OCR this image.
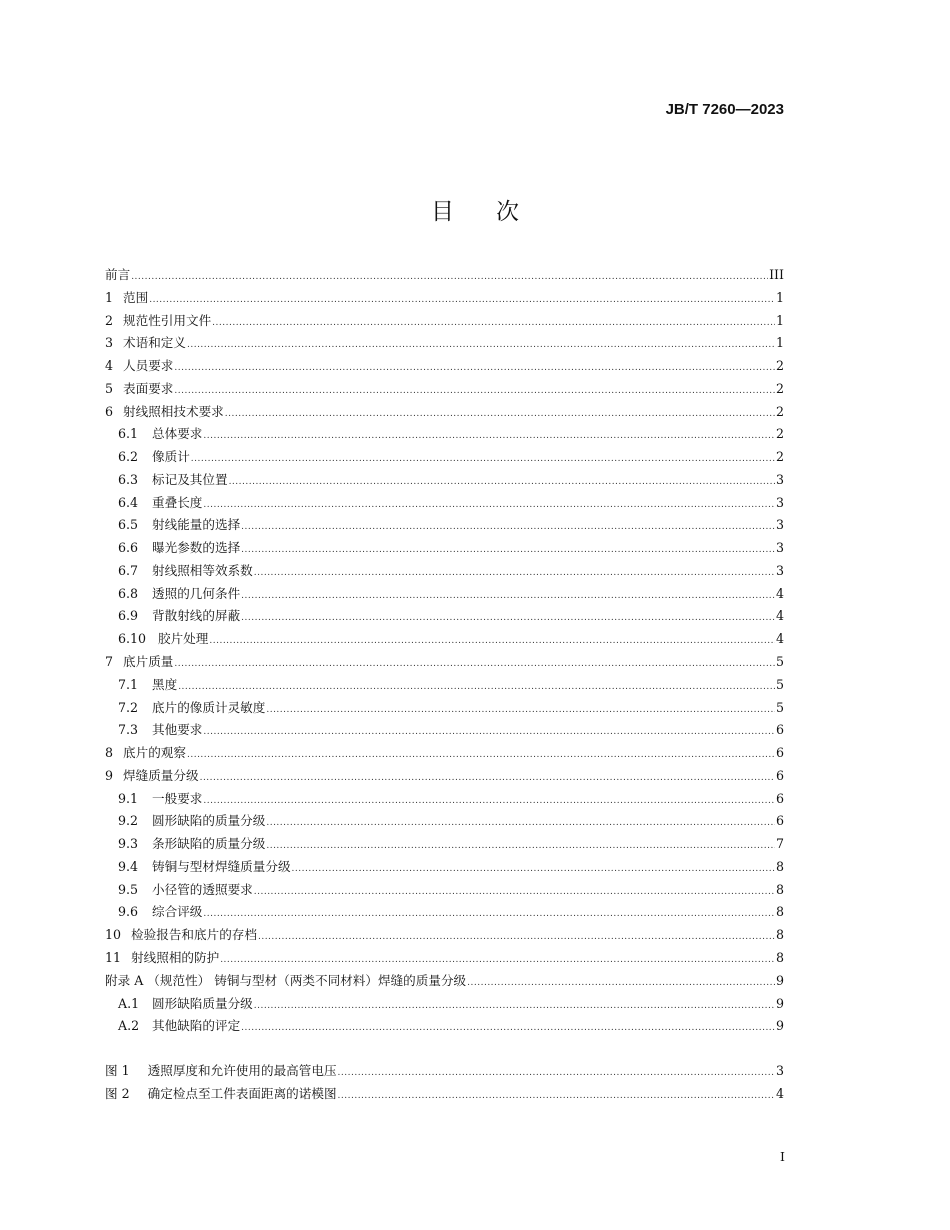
JB/T 7260—2023
目次
前言 .....	III
1 范围 .....	1
2 规范性引用文件 .....	1
3 术语和定义 .....	1
4 人员要求 .....	2
5 表面要求 .....	2
6 射线照相技术要求 .....	2
6.1	总体要求 .....	2
6.2	像质计 .....	2
6.3	标记及其位置 .....	3
6.4	重叠长度 .....	3
6.5	射线能量的选择 .....	3
6.6	曝光参数的选择 .....	3
6.7	射线照相等效系数 .....	3
6.8	透照的几何条件 .....	4
6.9	背散射线的屏蔽 .....	4
6.10 胶片处理 .....	4
7 底片质量 .....	5
7.1	黑度 .....	5
7.2	底片的像质计灵敏度 .....	5
7.3	其他要求 .....	6
8 底片的观察 .....	6
9 焊缝质量分级 .....	6
9.1	一般要求 .....	6
9.2	圆形缺陷的质量分级 .....	6
9.3	条形缺陷的质量分级 .....	7
9.4	铸铜与型材焊缝质量分级 .....	8
9.5	小径管的透照要求 .....	8
9.6	综合评级 .....	8
10 检验报告和底片的存档 .....	8
11 射线照相的防护 .....	8
附录 A （规范性） 铸铜与型材（两类不同材料）焊缝的质量分级 .....	9
A.1	圆形缺陷质量分级 .....	9
A.2	其他缺陷的评定 .....	9
图 1 透照厚度和允许使用的最高管电压 .....	3
图 2 确定检点至工件表面距离的诺模图 .....	4
I
